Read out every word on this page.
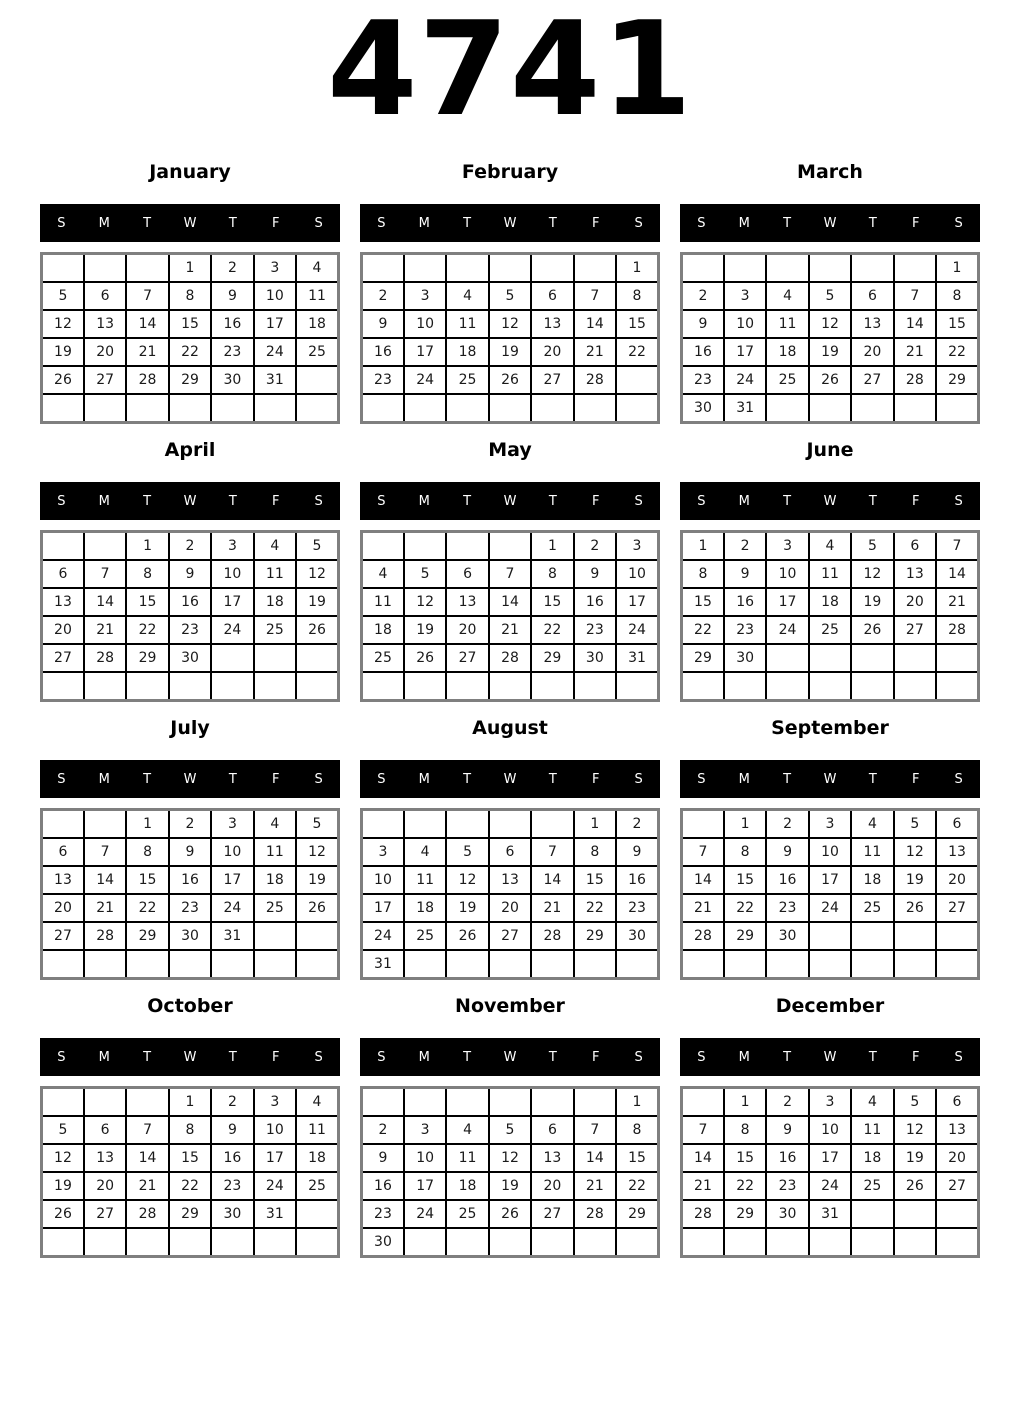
4741
January
S	M	T	W	T	F	S
			1	2	3	4
5	6	7	8	9	10	11
12	13	14	15	16	17	18
19	20	21	22	23	24	25
26	27	28	29	30	31	

February
S	M	T	W	T	F	S
						1
2	3	4	5	6	7	8
9	10	11	12	13	14	15
16	17	18	19	20	21	22
23	24	25	26	27	28	

March
S	M	T	W	T	F	S
						1
2	3	4	5	6	7	8
9	10	11	12	13	14	15
16	17	18	19	20	21	22
23	24	25	26	27	28	29
30	31					
April
S	M	T	W	T	F	S
		1	2	3	4	5
6	7	8	9	10	11	12
13	14	15	16	17	18	19
20	21	22	23	24	25	26
27	28	29	30			

May
S	M	T	W	T	F	S
				1	2	3
4	5	6	7	8	9	10
11	12	13	14	15	16	17
18	19	20	21	22	23	24
25	26	27	28	29	30	31

June
S	M	T	W	T	F	S
1	2	3	4	5	6	7
8	9	10	11	12	13	14
15	16	17	18	19	20	21
22	23	24	25	26	27	28
29	30					

July
S	M	T	W	T	F	S
		1	2	3	4	5
6	7	8	9	10	11	12
13	14	15	16	17	18	19
20	21	22	23	24	25	26
27	28	29	30	31		

August
S	M	T	W	T	F	S
					1	2
3	4	5	6	7	8	9
10	11	12	13	14	15	16
17	18	19	20	21	22	23
24	25	26	27	28	29	30
31						
September
S	M	T	W	T	F	S
	1	2	3	4	5	6
7	8	9	10	11	12	13
14	15	16	17	18	19	20
21	22	23	24	25	26	27
28	29	30				

October
S	M	T	W	T	F	S
			1	2	3	4
5	6	7	8	9	10	11
12	13	14	15	16	17	18
19	20	21	22	23	24	25
26	27	28	29	30	31	

November
S	M	T	W	T	F	S
						1
2	3	4	5	6	7	8
9	10	11	12	13	14	15
16	17	18	19	20	21	22
23	24	25	26	27	28	29
30						
December
S	M	T	W	T	F	S
	1	2	3	4	5	6
7	8	9	10	11	12	13
14	15	16	17	18	19	20
21	22	23	24	25	26	27
28	29	30	31			
